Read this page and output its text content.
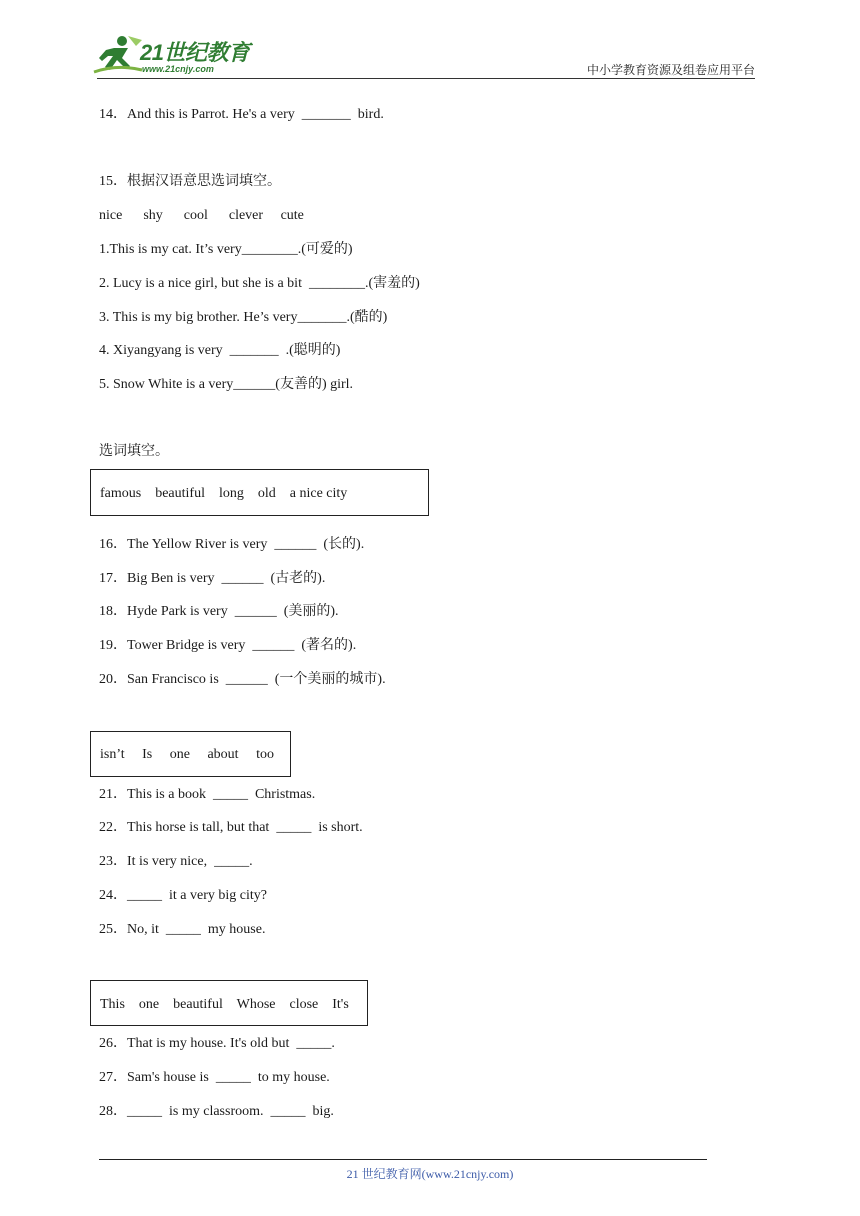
21世纪教育
www.21cnjy.com	中小学教育资源及组卷应用平台
14．And this is Parrot. He's a very  _______  bird.
15．根据汉语意思选词填空。
nice      shy      cool      clever     cute
1.This is my cat. It’s very________.(可爱的)
2. Lucy is a nice girl, but she is a bit  ________.(害羞的)
3. This is my big brother. He’s very_______.(酷的)
4. Xiyangyang is very  _______  .(聪明的)
5. Snow White is a very______(友善的) girl.
选词填空。
famous    beautiful    long    old    a nice city
16．The Yellow River is very  ______  (长的).
17．Big Ben is very  ______  (古老的).
18．Hyde Park is very  ______  (美丽的).
19．Tower Bridge is very  ______  (著名的).
20．San Francisco is  ______  (一个美丽的城市).
isn’t     Is     one     about     too
21．This is a book  _____  Christmas.
22．This horse is tall, but that  _____  is short.
23．It is very nice,  _____.
24．_____  it a very big city?
25．No, it  _____  my house.
This    one    beautiful    Whose    close    It's
26．That is my house. It's old but  _____.
27．Sam's house is  _____  to my house.
28．_____  is my classroom.  _____  big.
21 世纪教育网(www.21cnjy.com)
